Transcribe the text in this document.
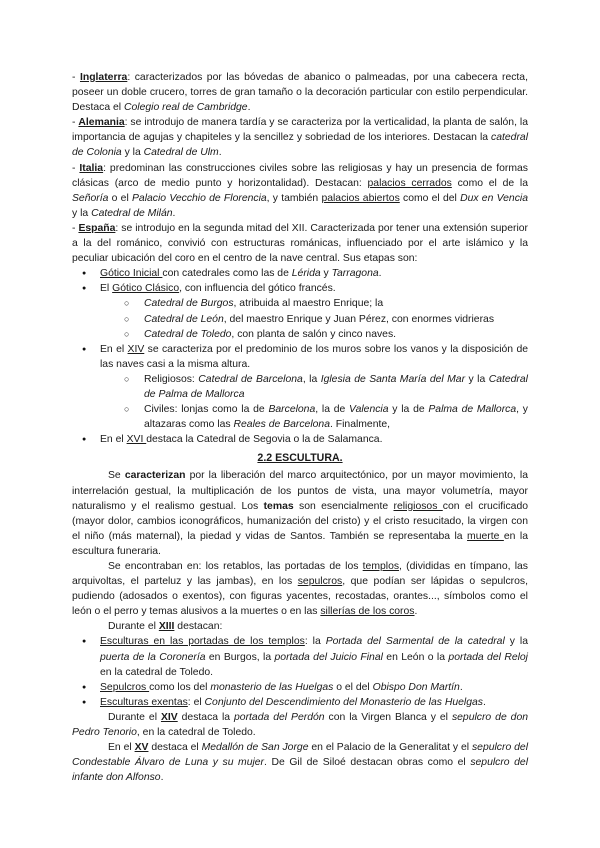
- Inglaterra: caracterizados por las bóvedas de abanico o palmeadas, por una cabecera recta, poseer un doble crucero, torres de gran tamaño o la decoración particular con estilo perpendicular. Destaca el Colegio real de Cambridge.

- Alemania: se introdujo de manera tardía y se caracteriza por la verticalidad, la planta de salón, la importancia de agujas y chapiteles y la sencillez y sobriedad de los interiores. Destacan la catedral de Colonia y la Catedral de Ulm.

- Italia: predominan las construcciones civiles sobre las religiosas y hay un presencia de formas clásicas (arco de medio punto y horizontalidad). Destacan: palacios cerrados como el de la Señoría o el Palacio Vecchio de Florencia, y también palacios abiertos como el del Dux en Vencia y la Catedral de Milán.

- España: se introdujo en la segunda mitad del XII. Caracterizada por tener una extensión superior a la del románico, convivió con estructuras románicas, influenciado por el arte islámico y la peculiar ubicación del coro en el centro de la nave central. Sus etapas son:

● Gótico Inicial con catedrales como las de Lérida y Tarragona.
● El Gótico Clásico, con influencia del gótico francés.
○ Catedral de Burgos, atribuida al maestro Enrique; la
○ Catedral de León, del maestro Enrique y Juan Pérez, con enormes vidrieras
○ Catedral de Toledo, con planta de salón y cinco naves.
● En el XIV se caracteriza por el predominio de los muros sobre los vanos y la disposición de las naves casi a la misma altura.
○ Religiosos: Catedral de Barcelona, la Iglesia de Santa María del Mar y la Catedral de Palma de Mallorca
○ Civiles: lonjas como la de Barcelona, la de Valencia y la de Palma de Mallorca, y altazaras como las Reales de Barcelona. Finalmente,
● En el XVI destaca la Catedral de Segovia o la de Salamanca.
2.2 ESCULTURA.

Se caracterizan por la liberación del marco arquitectónico, por un mayor movimiento, la interrelación gestual, la multiplicación de los puntos de vista, una mayor volumetría, mayor naturalismo y el realismo gestual. Los temas son esencialmente religiosos con el crucificado (mayor dolor, cambios iconográficos, humanización del cristo) y el cristo resucitado, la virgen con el niño (más maternal), la piedad y vidas de Santos. También se representaba la muerte en la escultura funeraria.

Se encontraban en: los retablos, las portadas de los templos, (divididas en tímpano, las arquivoltas, el parteluz y las jambas), en los sepulcros, que podían ser lápidas o sepulcros, pudiendo (adosados o exentos), con figuras yacentes, recostadas, orantes..., símbolos como el león o el perro y temas alusivos a la muertes o en las sillerías de los coros.

Durante el XIII destacan:

● Esculturas en las portadas de los templos: la Portada del Sarmental de la catedral y la puerta de la Coronería en Burgos, la portada del Juicio Final en León o la portada del Reloj en la catedral de Toledo.
● Sepulcros como los del monasterio de las Huelgas o el del Obispo Don Martín.
● Esculturas exentas: el Conjunto del Descendimiento del Monasterio de las Huelgas.

Durante el XIV destaca la portada del Perdón con la Virgen Blanca y el sepulcro de don Pedro Tenorio, en la catedral de Toledo.

En el XV destaca el Medallón de San Jorge en el Palacio de la Generalitat y el sepulcro del Condestable Álvaro de Luna y su mujer. De Gil de Siloé destacan obras como el sepulcro del infante don Alfonso.
